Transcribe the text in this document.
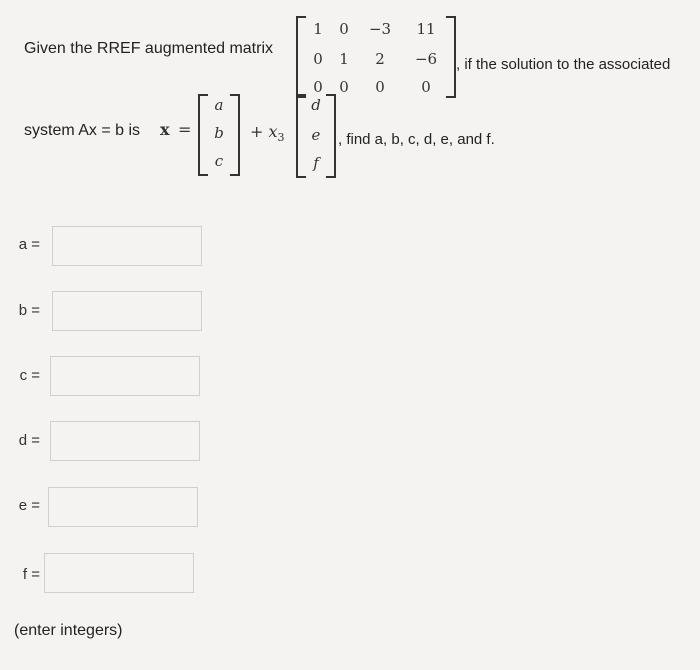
Given the RREF augmented matrix
1	0	−3	11
0	1	2	−6
0	0	0	0
, if the solution to the associated
system Ax = b is x =
a
b
c
+ $x_3$
d
e
f
, find a, b, c, d, e, and f.
a =
b =
c =
d =
e =
f =
(enter integers)
